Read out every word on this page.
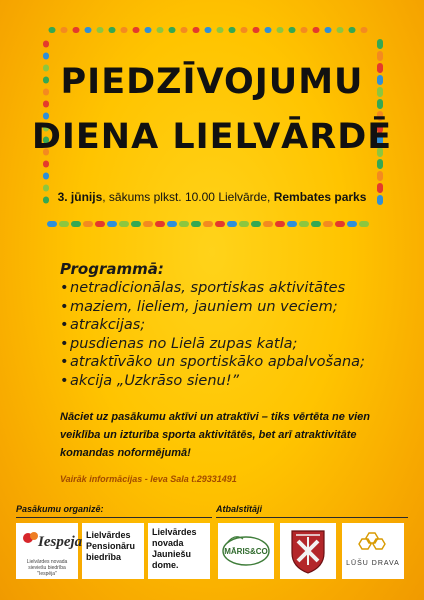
PIEDZĪVOJUMU
DIENA LIELVĀRDĒ
3. jūnijs, sākums plkst. 10.00 Lielvārde, Rembates parks
Programmā:
• netradicionālas, sportiskas aktivitātes
• maziem, lieliem, jauniem un veciem;
• atrakcijas;
• pusdienas no Lielā zupas katla;
• atraktīvāko un sportiskāko apbalvošana;
• akcija „Uzkrāso sienu!”
Nāciet uz pasākumu aktīvi un atraktīvi – tiks vērtēta ne vien veiklība un izturība sporta aktivitātēs, bet arī atraktivitāte komandas noformējumā!
Vairāk informācijas - Ieva Sala t.29331491
Pasākumu organizē:	Atbalstītāji
Iespeja
Lielvārdes novada sieviešu biedrība "Iespēja"
Lielvārdes Pensionāru biedrība
Lielvārdes novada Jauniešu dome.
MĀRIS&CO
LŪŠU DRAVA
